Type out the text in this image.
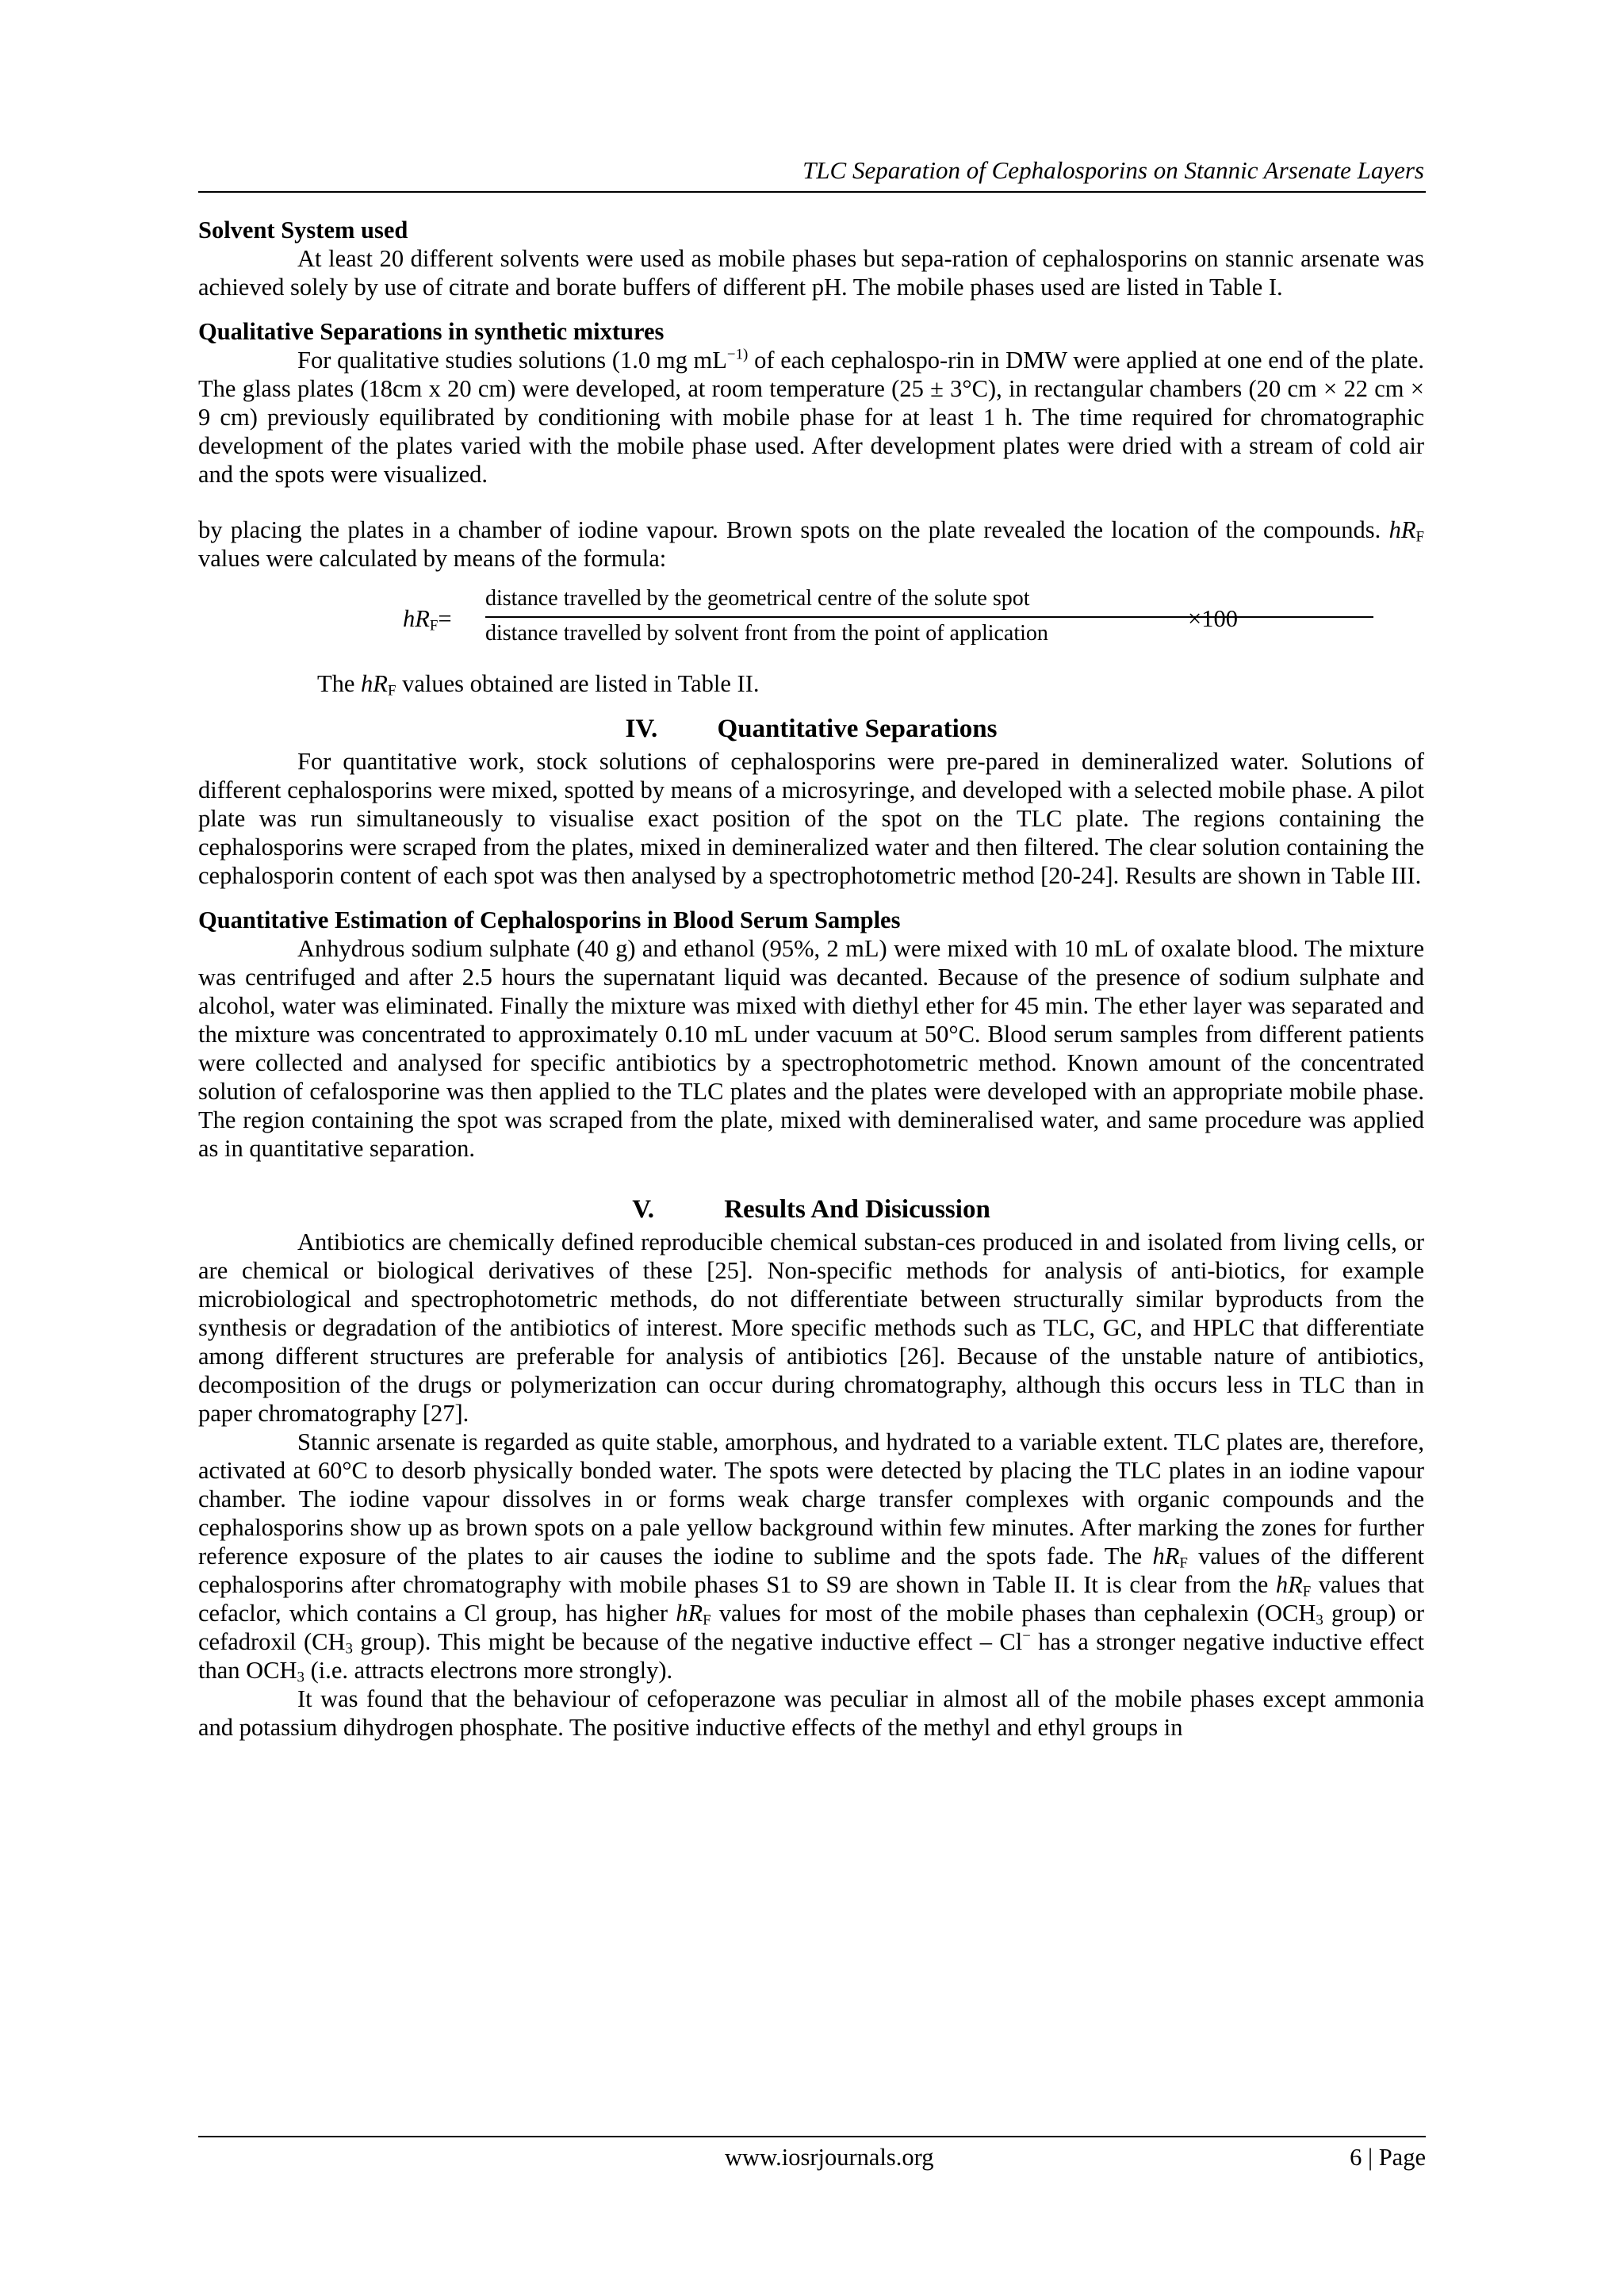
TLC Separation of Cephalosporins on Stannic Arsenate Layers

Solvent System used

At least 20 different solvents were used as mobile phases but sepa-ration of cephalosporins on stannic arsenate was achieved solely by use of citrate and borate buffers of different pH. The mobile phases used are listed in Table I.

Qualitative Separations in synthetic mixtures

For qualitative studies solutions (1.0 mg $mL^{-1)}$ of each cephalospo-rin in DMW were applied at one end of the plate. The glass plates (18cm x 20 cm) were developed, at room temperature (25 ± 3°C), in rectangular chambers (20 cm × 22 cm × 9 cm) previously equilibrated by conditioning with mobile phase for at least 1 h. The time required for chromatographic development of the plates varied with the mobile phase used. After development plates were dried with a stream of cold air and the spots were visualized.

by placing the plates in a chamber of iodine vapour. Brown spots on the plate revealed the location of the compounds. $hR_F$ values were calculated by means of the formula:

$hR_F=$
distance travelled by the geometrical centre of the solute spot
distance travelled by solvent front from the point of application
×100

The $hR_F$ values obtained are listed in Table II.

IV. Quantitative Separations

For quantitative work, stock solutions of cephalosporins were pre-pared in demineralized water. Solutions of different cephalosporins were mixed, spotted by means of a microsyringe, and developed with a selected mobile phase. A pilot plate was run simultaneously to visualise exact position of the spot on the TLC plate. The regions containing the cephalosporins were scraped from the plates, mixed in demineralized water and then filtered. The clear solution containing the cephalosporin content of each spot was then analysed by a spectrophotometric method [20-24]. Results are shown in Table III.

Quantitative Estimation of Cephalosporins in Blood Serum Samples

Anhydrous sodium sulphate (40 g) and ethanol (95%, 2 mL) were mixed with 10 mL of oxalate blood. The mixture was centrifuged and after 2.5 hours the supernatant liquid was decanted. Because of the presence of sodium sulphate and alcohol, water was eliminated. Finally the mixture was mixed with diethyl ether for 45 min. The ether layer was separated and the mixture was concentrated to approximately 0.10 mL under vacuum at 50°C. Blood serum samples from different patients were collected and analysed for specific antibiotics by a spectrophotometric method. Known amount of the concentrated solution of cefalosporine was then applied to the TLC plates and the plates were developed with an appropriate mobile phase. The region containing the spot was scraped from the plate, mixed with demineralised water, and same procedure was applied as in quantitative separation.

V.	Results And Disicussion

Antibiotics are chemically defined reproducible chemical substan-ces produced in and isolated from living cells, or are chemical or biological derivatives of these [25]. Non-specific methods for analysis of anti-biotics, for example microbiological and spectrophotometric methods, do not differentiate between structurally similar byproducts from the synthesis or degradation of the antibiotics of interest. More specific methods such as TLC, GC, and HPLC that differentiate among different structures are preferable for analysis of antibiotics [26]. Because of the unstable nature of antibiotics, decomposition of the drugs or polymerization can occur during chromatography, although this occurs less in TLC than in paper chromatography [27].

Stannic arsenate is regarded as quite stable, amorphous, and hydrated to a variable extent. TLC plates are, therefore, activated at 60°C to desorb physically bonded water. The spots were detected by placing the TLC plates in an iodine vapour chamber. The iodine vapour dissolves in or forms weak charge transfer complexes with organic compounds and the cephalosporins show up as brown spots on a pale yellow background within few minutes. After marking the zones for further reference exposure of the plates to air causes the iodine to sublime and the spots fade. The $hR_F$ values of the different cephalosporins after chromatography with mobile phases S1 to S9 are shown in Table II. It is clear from the $hR_F$ values that cefaclor, which contains a Cl group, has higher $hR_F$ values for most of the mobile phases than cephalexin ($OCH_3$ group) or cefadroxil ($CH_3$ group). This might be because of the negative inductive effect – Cl− has a stronger negative inductive effect than $OCH_3$ (i.e. attracts electrons more strongly).

It was found that the behaviour of cefoperazone was peculiar in almost all of the mobile phases except ammonia and potassium dihydrogen phosphate. The positive inductive effects of the methyl and ethyl groups in

www.iosrjournals.org	6 | Page
